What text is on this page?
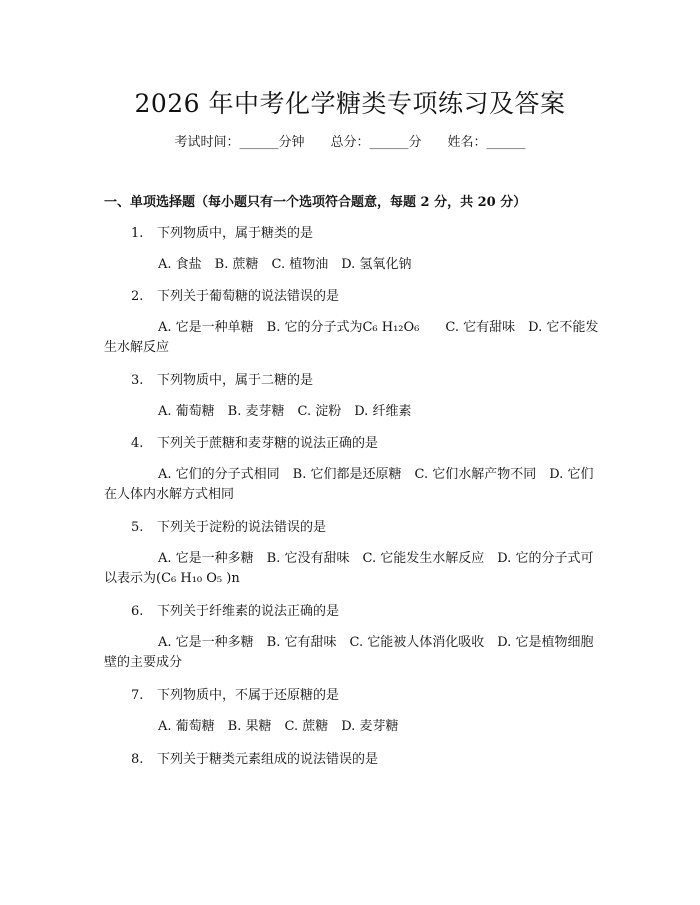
2026 年中考化学糖类专项练习及答案
考试时间：______分钟 总分：______分 姓名：______
一、单项选择题（每小题只有一个选项符合题意，每题 2 分，共 20 分）
1. 下列物质中，属于糖类的是
A. 食盐　B. 蔗糖　C. 植物油　D. 氢氧化钠
2. 下列关于葡萄糖的说法错误的是
A. 它是一种单糖　B. 它的分子式为C₆ H₁₂O₆　　C. 它有甜味　D. 它不能发生水解反应
3. 下列物质中，属于二糖的是
A. 葡萄糖　B. 麦芽糖　C. 淀粉　D. 纤维素
4. 下列关于蔗糖和麦芽糖的说法正确的是
A. 它们的分子式相同　B. 它们都是还原糖　C. 它们水解产物不同　D. 它们在人体内水解方式相同
5. 下列关于淀粉的说法错误的是
A. 它是一种多糖　B. 它没有甜味　C. 它能发生水解反应　D. 它的分子式可以表示为(C₆ H₁₀ O₅ )n
6. 下列关于纤维素的说法正确的是
A. 它是一种多糖　B. 它有甜味　C. 它能被人体消化吸收　D. 它是植物细胞壁的主要成分
7. 下列物质中，不属于还原糖的是
A. 葡萄糖　B. 果糖　C. 蔗糖　D. 麦芽糖
8. 下列关于糖类元素组成的说法错误的是
